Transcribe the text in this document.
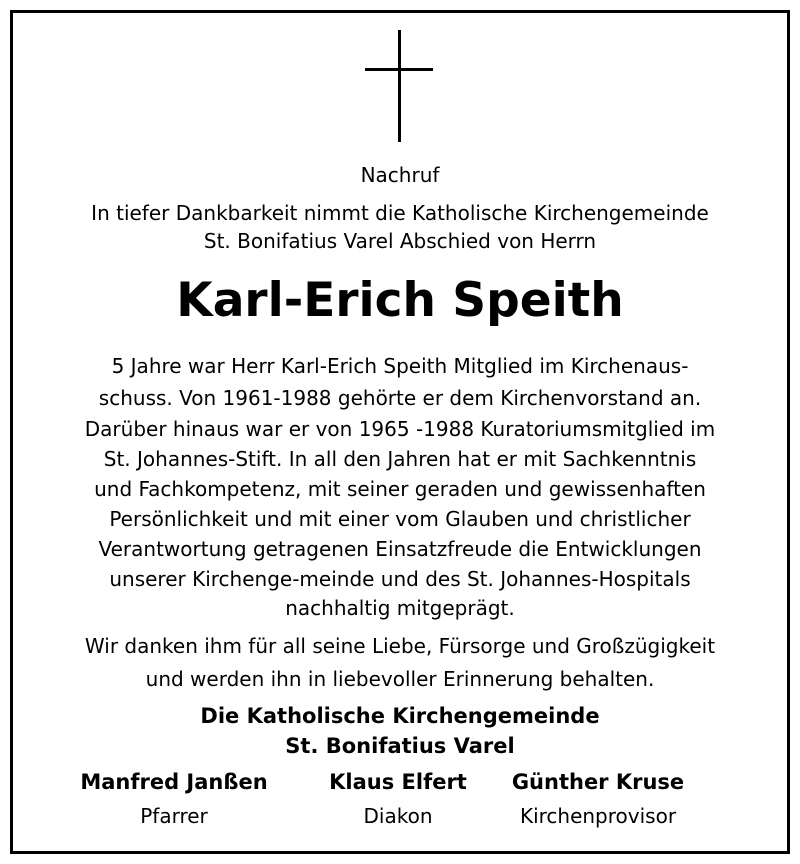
Nachruf
In tiefer Dankbarkeit nimmt die Katholische Kirchengemeinde
St. Bonifatius Varel Abschied von Herrn
Karl-Erich Speith
5 Jahre war Herr Karl-Erich Speith Mitglied im Kirchenaus-
schuss. Von 1961-1988 gehörte er dem Kirchenvorstand an.
Darüber hinaus war er von 1965 -1988 Kuratoriumsmitglied im
St. Johannes-Stift. In all den Jahren hat er mit Sachkenntnis
und Fachkompetenz, mit seiner geraden und gewissenhaften
Persönlichkeit und mit einer vom Glauben und christlicher
Verantwortung getragenen Einsatzfreude die Entwicklungen
unserer Kirchenge-meinde und des St. Johannes-Hospitals
nachhaltig mitgeprägt.
Wir danken ihm für all seine Liebe, Fürsorge und Großzügigkeit
und werden ihn in liebevoller Erinnerung behalten.
Die Katholische Kirchengemeinde
St. Bonifatius Varel
Manfred Janßen
Pfarrer
Klaus Elfert
Diakon
Günther Kruse
Kirchenprovisor
